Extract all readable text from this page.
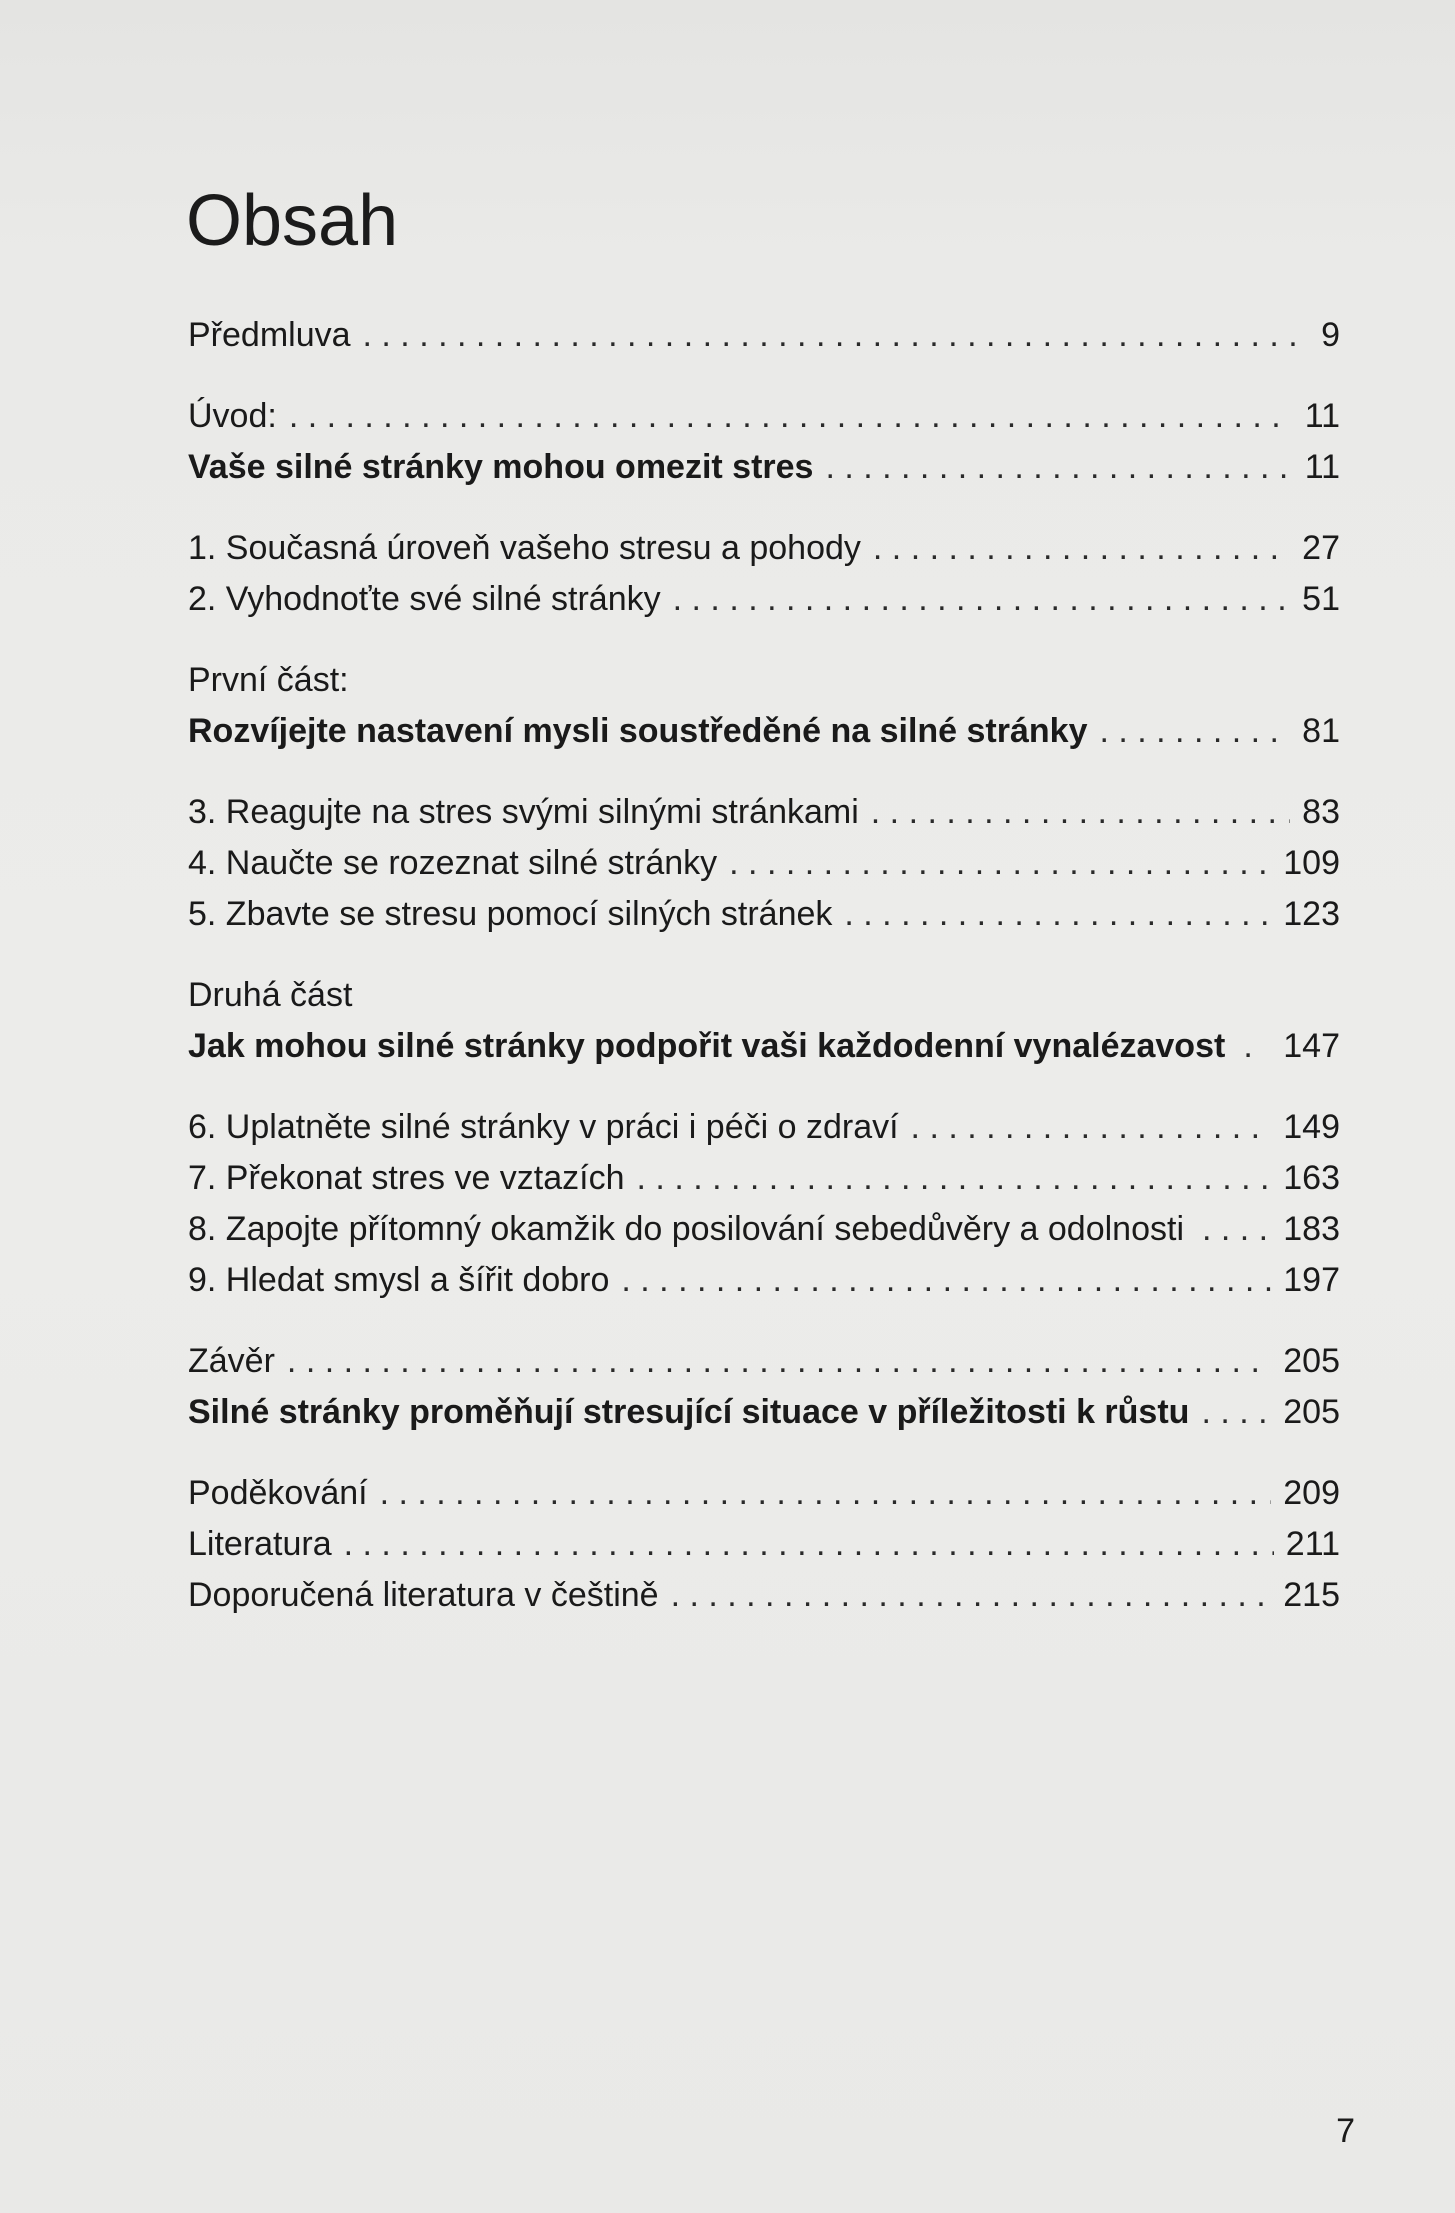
Obsah
Předmluva . . .	9
Úvod: . . .	11
Vaše silné stránky mohou omezit stres . . .	11
1. Současná úroveň vašeho stresu a pohody . . .	27
2. Vyhodnoťte své silné stránky . . .	51
První část:
Rozvíjejte nastavení mysli soustředěné na silné stránky . . .	81
3. Reagujte na stres svými silnými stránkami . . .	83
4. Naučte se rozeznat silné stránky . . .	109
5. Zbavte se stresu pomocí silných stránek . . .	123
Druhá část
Jak mohou silné stránky podpořit vaši každodenní vynalézavost . . . 147
6. Uplatněte silné stránky v práci i péči o zdraví . . .	149
7. Překonat stres ve vztazích . . .	163
8. Zapojte přítomný okamžik do posilování sebedůvěry a odolnosti . . .	183
9. Hledat smysl a šířit dobro . . .	197
Závěr . . .	205
Silné stránky proměňují stresující situace v příležitosti k růstu . . .	205
Poděkování . . .	209
Literatura . . .	211
Doporučená literatura v češtině . . .	215
7
